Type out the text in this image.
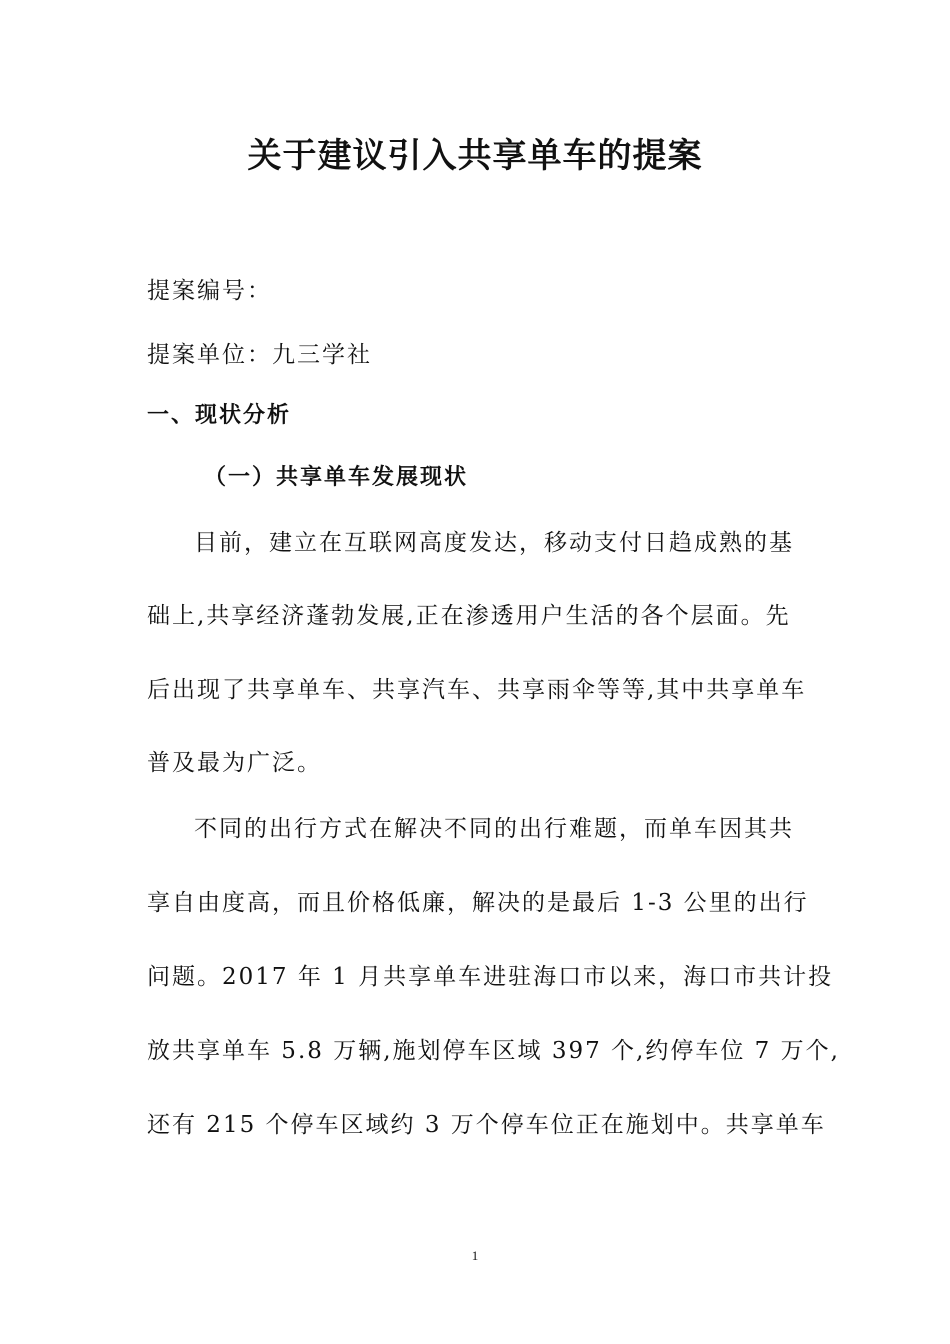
关于建议引入共享单车的提案
提案编号：
提案单位：九三学社
一、现状分析
（一）共享单车发展现状
目前，建立在互联网高度发达，移动支付日趋成熟的基
础上,共享经济蓬勃发展,正在渗透用户生活的各个层面。先
后出现了共享单车、共享汽车、共享雨伞等等,其中共享单车
普及最为广泛。
不同的出行方式在解决不同的出行难题，而单车因其共
享自由度高，而且价格低廉，解决的是最后 1-3 公里的出行
问题。2017 年 1 月共享单车进驻海口市以来，海口市共计投
放共享单车 5.8 万辆,施划停车区域 397 个,约停车位 7 万个,
还有 215 个停车区域约 3 万个停车位正在施划中。共享单车
1
